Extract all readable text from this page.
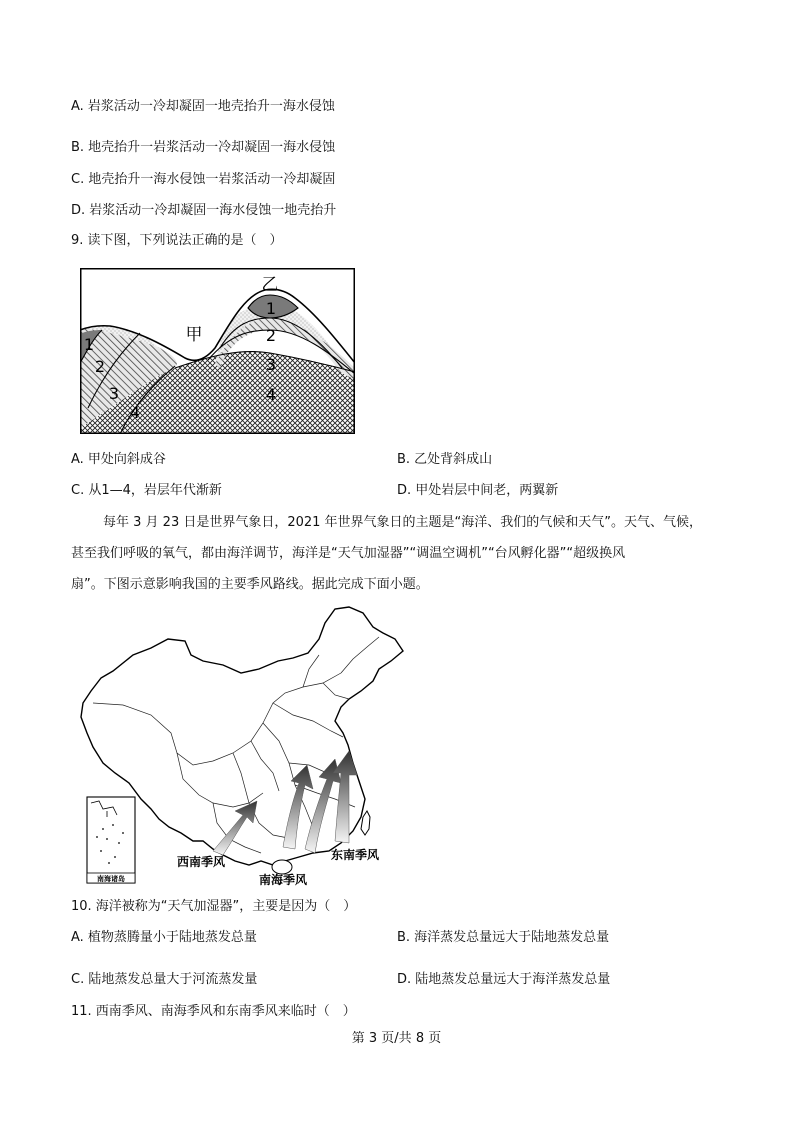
A. 岩浆活动一冷却凝固一地壳抬升一海水侵蚀
B. 地壳抬升一岩浆活动一冷却凝固一海水侵蚀
C. 地壳抬升一海水侵蚀一岩浆活动一冷却凝固
D. 岩浆活动一冷却凝固一海水侵蚀一地壳抬升
9. 读下图，下列说法正确的是（　）
乙
甲
1
2
3
4
1
2
3
4
A. 甲处向斜成谷	B. 乙处背斜成山
C. 从1—4，岩层年代渐新	D. 甲处岩层中间老，两翼新
每年 3 月 23 日是世界气象日，2021 年世界气象日的主题是“海洋、我们的气候和天气”。天气、气候，
甚至我们呼吸的氧气，都由海洋调节，海洋是“天气加湿器”“调温空调机”“台风孵化器”“超级换风
扇”。下图示意影响我国的主要季风路线。据此完成下面小题。
南海诸岛
西南季风
南海季风
东南季风
10. 海洋被称为“天气加湿器”，主要是因为（　）
A. 植物蒸腾量小于陆地蒸发总量	B. 海洋蒸发总量远大于陆地蒸发总量
C. 陆地蒸发总量大于河流蒸发量	D. 陆地蒸发总量远大于海洋蒸发总量
11. 西南季风、南海季风和东南季风来临时（　）
第 3 页/共 8 页
